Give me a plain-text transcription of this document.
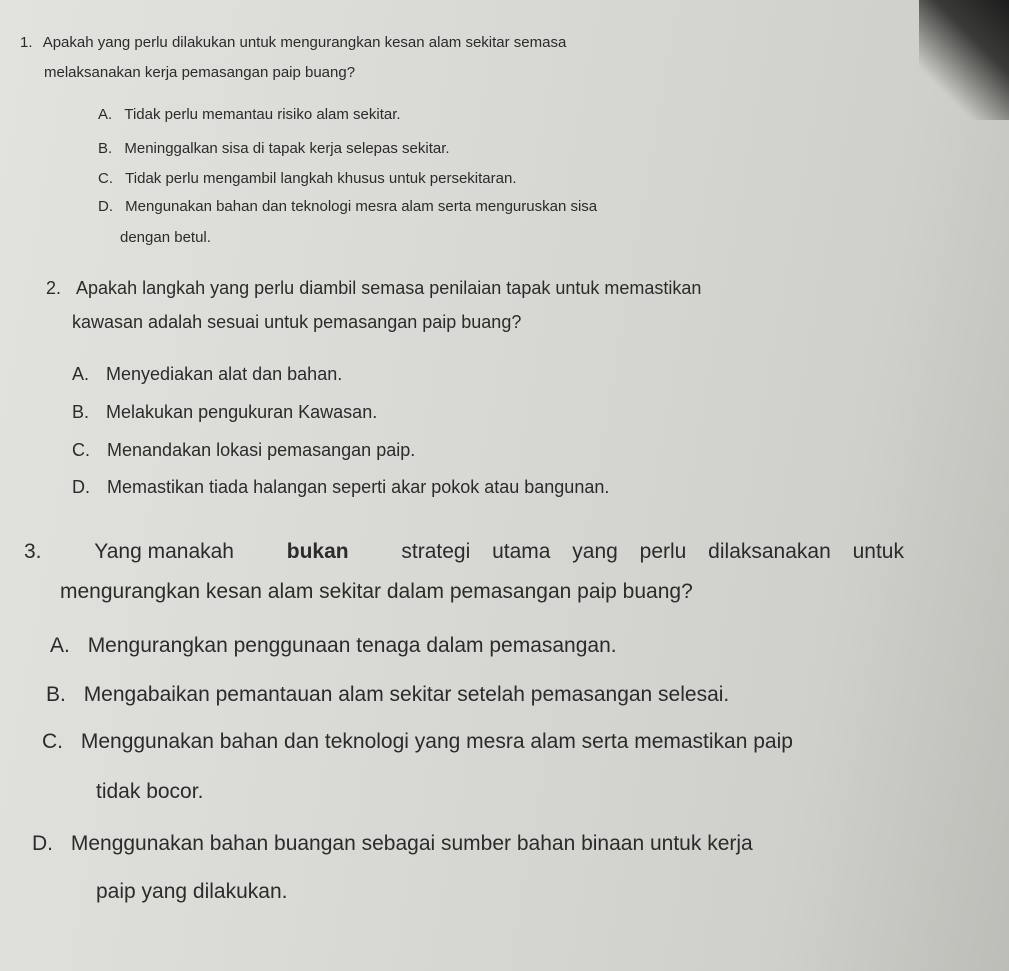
1. Apakah yang perlu dilakukan untuk mengurangkan kesan alam sekitar semasa
melaksanakan kerja pemasangan paip buang?
A. Tidak perlu memantau risiko alam sekitar.
B. Meninggalkan sisa di tapak kerja selepas sekitar.
C. Tidak perlu mengambil langkah khusus untuk persekitaran.
D. Mengunakan bahan dan teknologi mesra alam serta menguruskan sisa
dengan betul.
2. Apakah langkah yang perlu diambil semasa penilaian tapak untuk memastikan
kawasan adalah sesuai untuk pemasangan paip buang?
A. Menyediakan alat dan bahan.
B. Melakukan pengukuran Kawasan.
C. Menandakan lokasi pemasangan paip.
D. Memastikan tiada halangan seperti akar pokok atau bangunan.
3.	Yang manakah	bukan	strategi utama yang perlu dilaksanakan untuk
mengurangkan kesan alam sekitar dalam pemasangan paip buang?
A. Mengurangkan penggunaan tenaga dalam pemasangan.
B. Mengabaikan pemantauan alam sekitar setelah pemasangan selesai.
C. Menggunakan bahan dan teknologi yang mesra alam serta memastikan paip
tidak bocor.
D. Menggunakan bahan buangan sebagai sumber bahan binaan untuk kerja
paip yang dilakukan.
